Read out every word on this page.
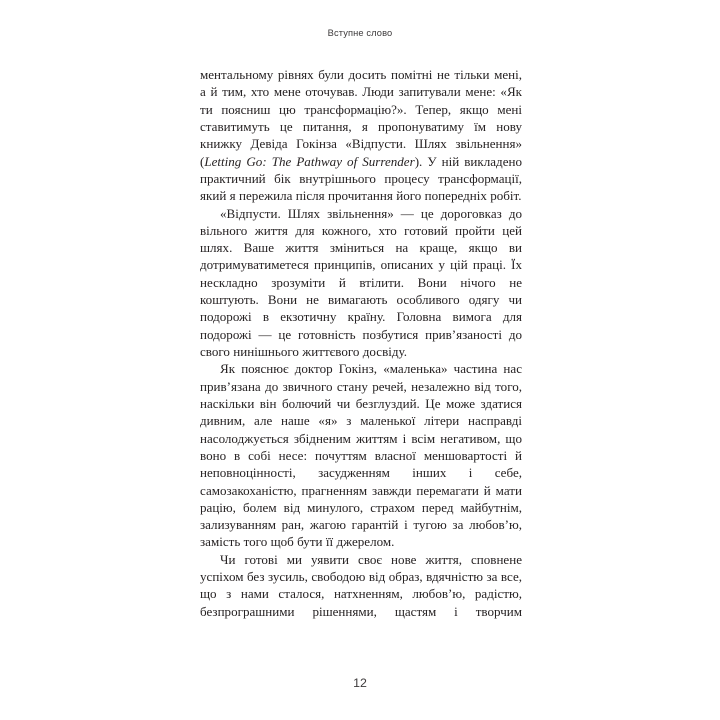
Вступне слово

ментальному рівнях були досить помітні не тільки мені, а й тим, хто мене оточував. Люди запитували мене: «Як ти поясниш цю трансформацію?». Тепер, якщо мені ставитимуть це питання, я пропонуватиму їм нову книжку Девіда Гокінза «Відпусти. Шлях звільнення» (Letting Go: The Pathway of Surrender). У ній викладено практичний бік внутрішнього процесу трансформації, який я пережила після прочитання його попередніх робіт.

«Відпусти. Шлях звільнення» — це дороговказ до вільного життя для кожного, хто готовий пройти цей шлях. Ваше життя зміниться на краще, якщо ви дотримуватиметеся принципів, описаних у цій праці. Їх нескладно зрозуміти й втілити. Вони нічого не коштують. Вони не вимагають особливого одягу чи подорожі в екзотичну країну. Головна вимога для подорожі — це готовність позбутися прив’язаності до свого нинішнього життєвого досвіду.

Як пояснює доктор Гокінз, «маленька» частина нас прив’язана до звичного стану речей, незалежно від того, наскільки він болючий чи безглуздий. Це може здатися дивним, але наше «я» з маленької літери насправді насолоджується збідненим життям і всім негативом, що воно в собі несе: почуттям власної меншовартості й неповноцінності, засудженням інших і себе, самозакоханістю, прагненням завжди перемагати й мати рацію, болем від минулого, страхом перед майбутнім, зализуванням ран, жагою гарантій і тугою за любов’ю, замість того щоб бути її джерелом.

Чи готові ми уявити своє нове життя, сповнене успіхом без зусиль, свободою від образ, вдячністю за все, що з нами сталося, натхненням, любов’ю, радістю, безпрограшними рішеннями, щастям і творчим

12
